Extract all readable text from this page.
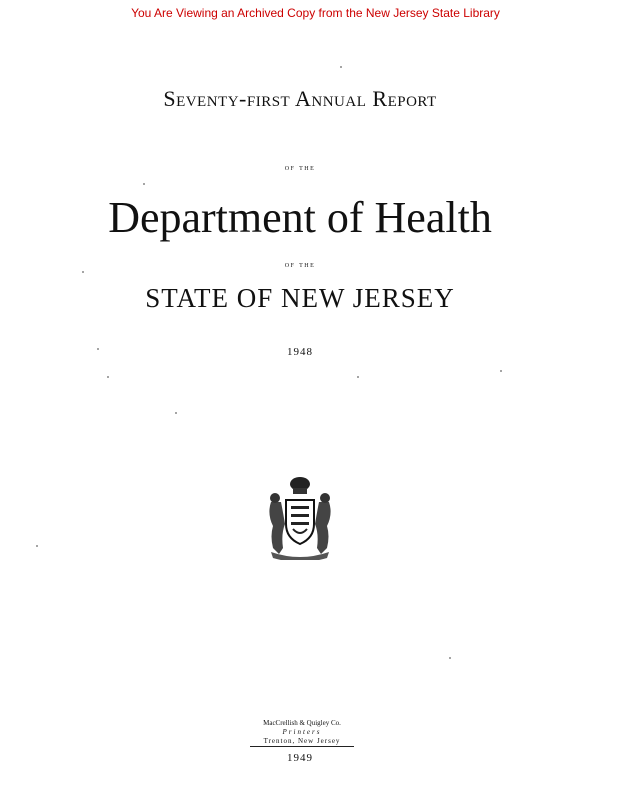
You Are Viewing an Archived Copy from the New Jersey State Library
Seventy-first Annual Report
of the
Department of Health
of the
STATE OF NEW JERSEY
1948
MacCrellish & Quigley Co.
Printers
Trenton, New Jersey
1949
